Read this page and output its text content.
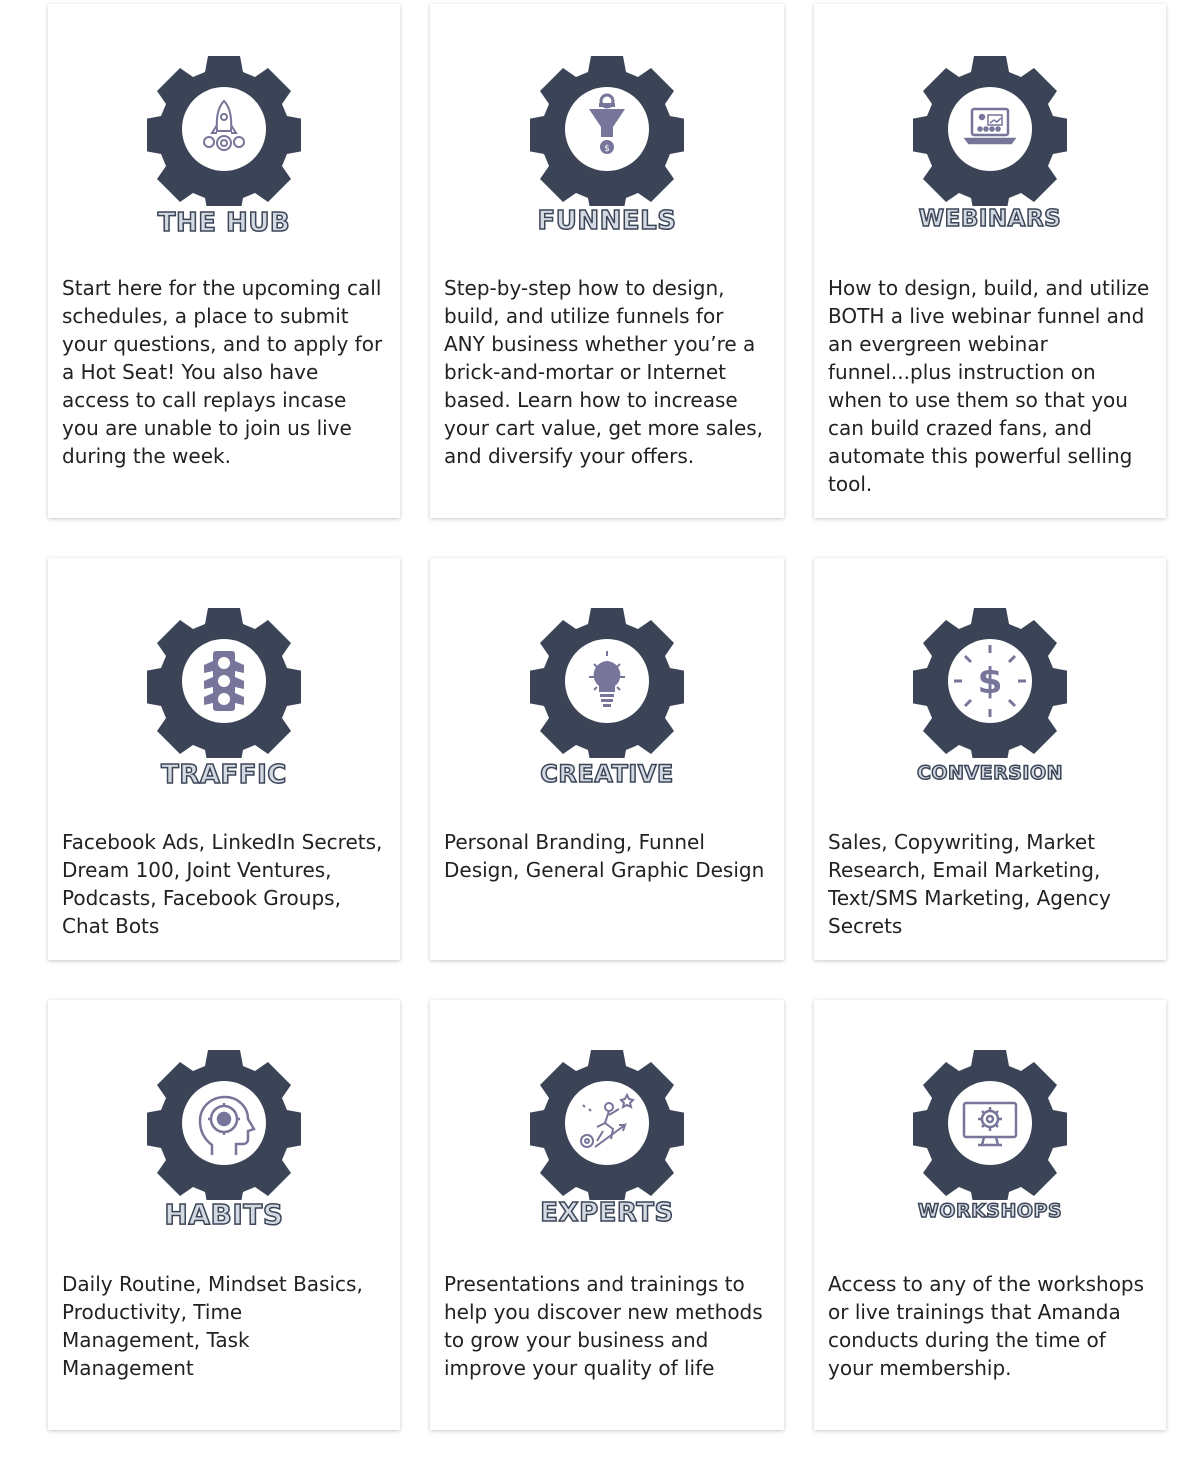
THE HUB

Start here for the upcoming call schedules, a place to submit your questions, and to apply for a Hot Seat! You also have access to call replays incase you are unable to join us live during the week.

$
FUNNELS

Step-by-step how to design, build, and utilize funnels for ANY business whether you’re a brick-and-mortar or Internet based. Learn how to increase your cart value, get more sales, and diversify your offers.

WEBINARS

How to design, build, and utilize BOTH a live webinar funnel and an evergreen webinar funnel...plus instruction on when to use them so that you can build crazed fans, and automate this powerful selling tool.

TRAFFIC

Facebook Ads, LinkedIn Secrets, Dream 100, Joint Ventures, Podcasts, Facebook Groups, Chat Bots

CREATIVE

Personal Branding, Funnel Design, General Graphic Design

$
CONVERSION

Sales, Copywriting, Market Research, Email Marketing, Text/SMS Marketing, Agency Secrets

HABITS

Daily Routine, Mindset Basics, Productivity, Time Management, Task Management

EXPERTS

Presentations and trainings to help you discover new methods to grow your business and improve your quality of life

WORKSHOPS

Access to any of the workshops or live trainings that Amanda conducts during the time of your membership.
